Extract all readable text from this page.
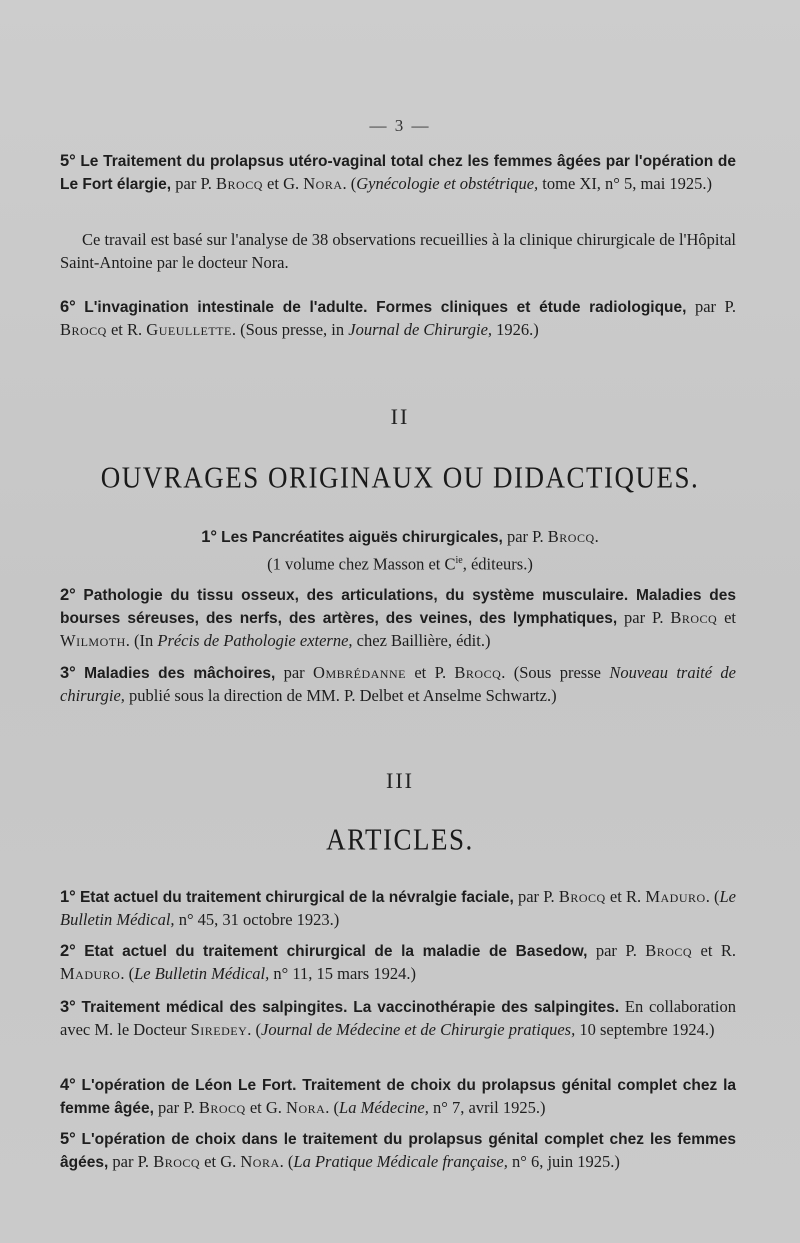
— 3 —
5° Le Traitement du prolapsus utéro-vaginal total chez les femmes âgées par l'opération de Le Fort élargie, par P. Brocq et G. Nora. (Gynécologie et obstétrique, tome XI, n° 5, mai 1925.)
Ce travail est basé sur l'analyse de 38 observations recueillies à la clinique chirurgicale de l'Hôpital Saint-Antoine par le docteur Nora.
6° L'invagination intestinale de l'adulte. Formes cliniques et étude radiologique, par P. Brocq et R. Gueullette. (Sous presse, in Journal de Chirurgie, 1926.)
II
OUVRAGES ORIGINAUX OU DIDACTIQUES.
1° Les Pancréatites aiguës chirurgicales, par P. Brocq.
(1 volume chez Masson et $C^{ie}$, éditeurs.)
2° Pathologie du tissu osseux, des articulations, du système musculaire. Maladies des bourses séreuses, des nerfs, des artères, des veines, des lymphatiques, par P. Brocq et Wilmoth. (In Précis de Pathologie externe, chez Baillière, édit.)
3° Maladies des mâchoires, par Ombrédanne et P. Brocq. (Sous presse Nouveau traité de chirurgie, publié sous la direction de MM. P. Delbet et Anselme Schwartz.)
III
ARTICLES.
1° Etat actuel du traitement chirurgical de la névralgie faciale, par P. Brocq et R. Maduro. (Le Bulletin Médical, n° 45, 31 octobre 1923.)
2° Etat actuel du traitement chirurgical de la maladie de Basedow, par P. Brocq et R. Maduro. (Le Bulletin Médical, n° 11, 15 mars 1924.)
3° Traitement médical des salpingites. La vaccinothérapie des salpingites. En collaboration avec M. le Docteur Siredey. (Journal de Médecine et de Chirurgie pratiques, 10 septembre 1924.)
4° L'opération de Léon Le Fort. Traitement de choix du prolapsus génital complet chez la femme âgée, par P. Brocq et G. Nora. (La Médecine, n° 7, avril 1925.)
5° L'opération de choix dans le traitement du prolapsus génital complet chez les femmes âgées, par P. Brocq et G. Nora. (La Pratique Médicale française, n° 6, juin 1925.)
